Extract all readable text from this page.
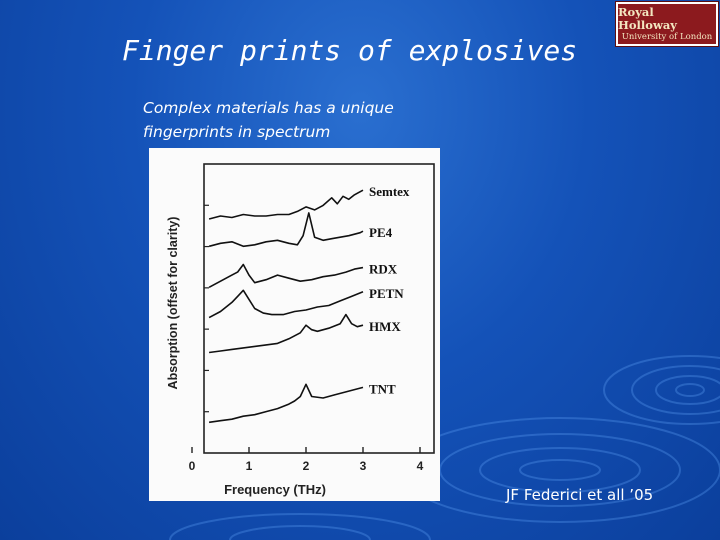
Finger prints of explosives
Complex materials has a unique
fingerprints in spectrum
Royal Holloway
University of London
Absorption (offset for clarity)
Frequency (THz)
0	1	2	3	4
Semtex
PE4
RDX
PETN
HMX
TNT
JF Federici et all ’05
